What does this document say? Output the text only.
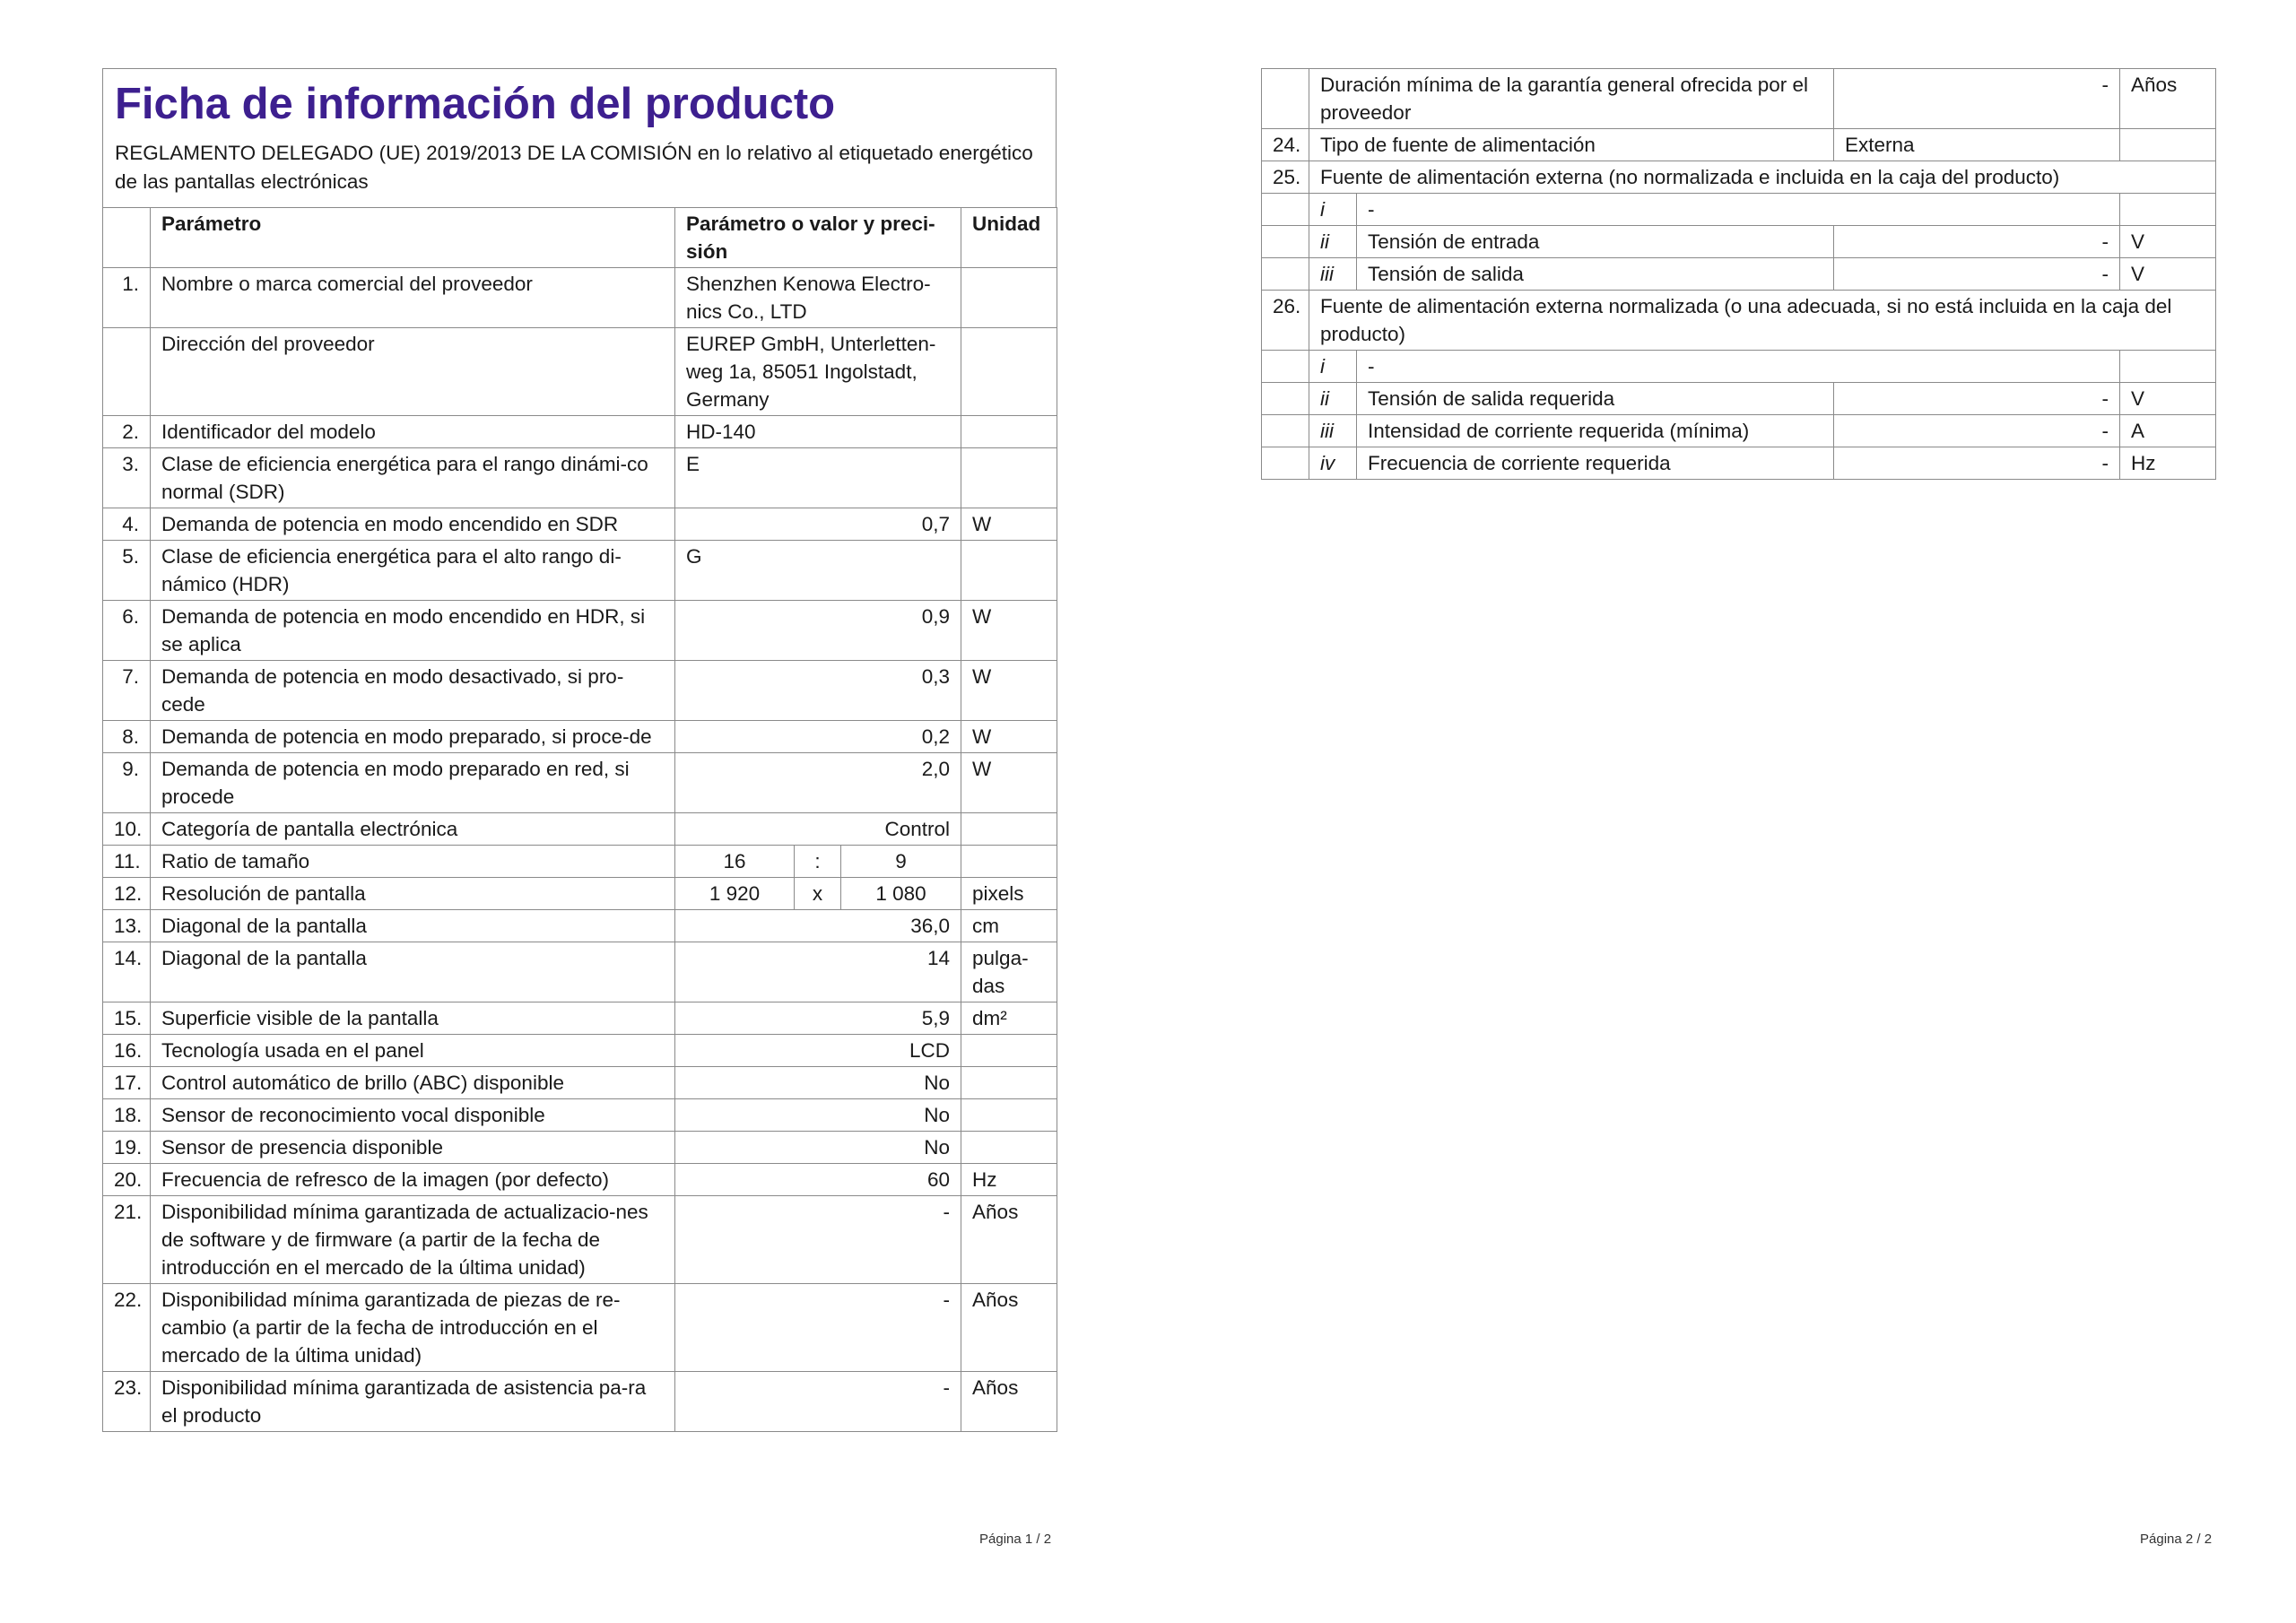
Ficha de información del producto
REGLAMENTO DELEGADO (UE) 2019/2013 DE LA COMISIÓN en lo relativo al etiquetado energético de las pantallas electrónicas
	Parámetro	Parámetro o valor y preci-sión			Unidad
1.	Nombre o marca comercial del proveedor	Shenzhen Kenowa Electro-nics Co., LTD			
	Dirección del proveedor	EUREP GmbH, Unterletten-weg 1a, 85051 Ingolstadt, Germany			
2.	Identificador del modelo	HD-140			
3.	Clase de eficiencia energética para el rango dinámi-co normal (SDR)	E			
4.	Demanda de potencia en modo encendido en SDR	0,7			W
5.	Clase de eficiencia energética para el alto rango di-námico (HDR)	G			
6.	Demanda de potencia en modo encendido en HDR, si se aplica	0,9			W
7.	Demanda de potencia en modo desactivado, si pro-cede	0,3			W
8.	Demanda de potencia en modo preparado, si proce-de	0,2			W
9.	Demanda de potencia en modo preparado en red, si procede	2,0			W
10.	Categoría de pantalla electrónica	Control			
11.	Ratio de tamaño	16	:	9	
12.	Resolución de pantalla	1 920	x	1 080	pixels
13.	Diagonal de la pantalla	36,0			cm
14.	Diagonal de la pantalla	14			pulga-das
15.	Superficie visible de la pantalla	5,9			dm²
16.	Tecnología usada en el panel	LCD			
17.	Control automático de brillo (ABC) disponible	No			
18.	Sensor de reconocimiento vocal disponible	No			
19.	Sensor de presencia disponible	No			
20.	Frecuencia de refresco de la imagen (por defecto)	60			Hz
21.	Disponibilidad mínima garantizada de actualizacio-nes de software y de firmware (a partir de la fecha de introducción en el mercado de la última unidad)	-			Años
22.	Disponibilidad mínima garantizada de piezas de re-cambio (a partir de la fecha de introducción en el mercado de la última unidad)	-			Años
23.	Disponibilidad mínima garantizada de asistencia pa-ra el producto	-			Años
Página 1 / 2
	Duración mínima de la garantía general ofrecida por el proveedor		-	Años
24.	Tipo de fuente de alimentación		Externa	
25.	Fuente de alimentación externa (no normalizada e incluida en la caja del producto)			
	i	-		
	ii	Tensión de entrada	-	V
	iii	Tensión de salida	-	V
26.	Fuente de alimentación externa normalizada (o una adecuada, si no está incluida en la caja del producto)			
	i	-		
	ii	Tensión de salida requerida	-	V
	iii	Intensidad de corriente requerida (mínima)	-	A
	iv	Frecuencia de corriente requerida	-	Hz
Página 2 / 2
